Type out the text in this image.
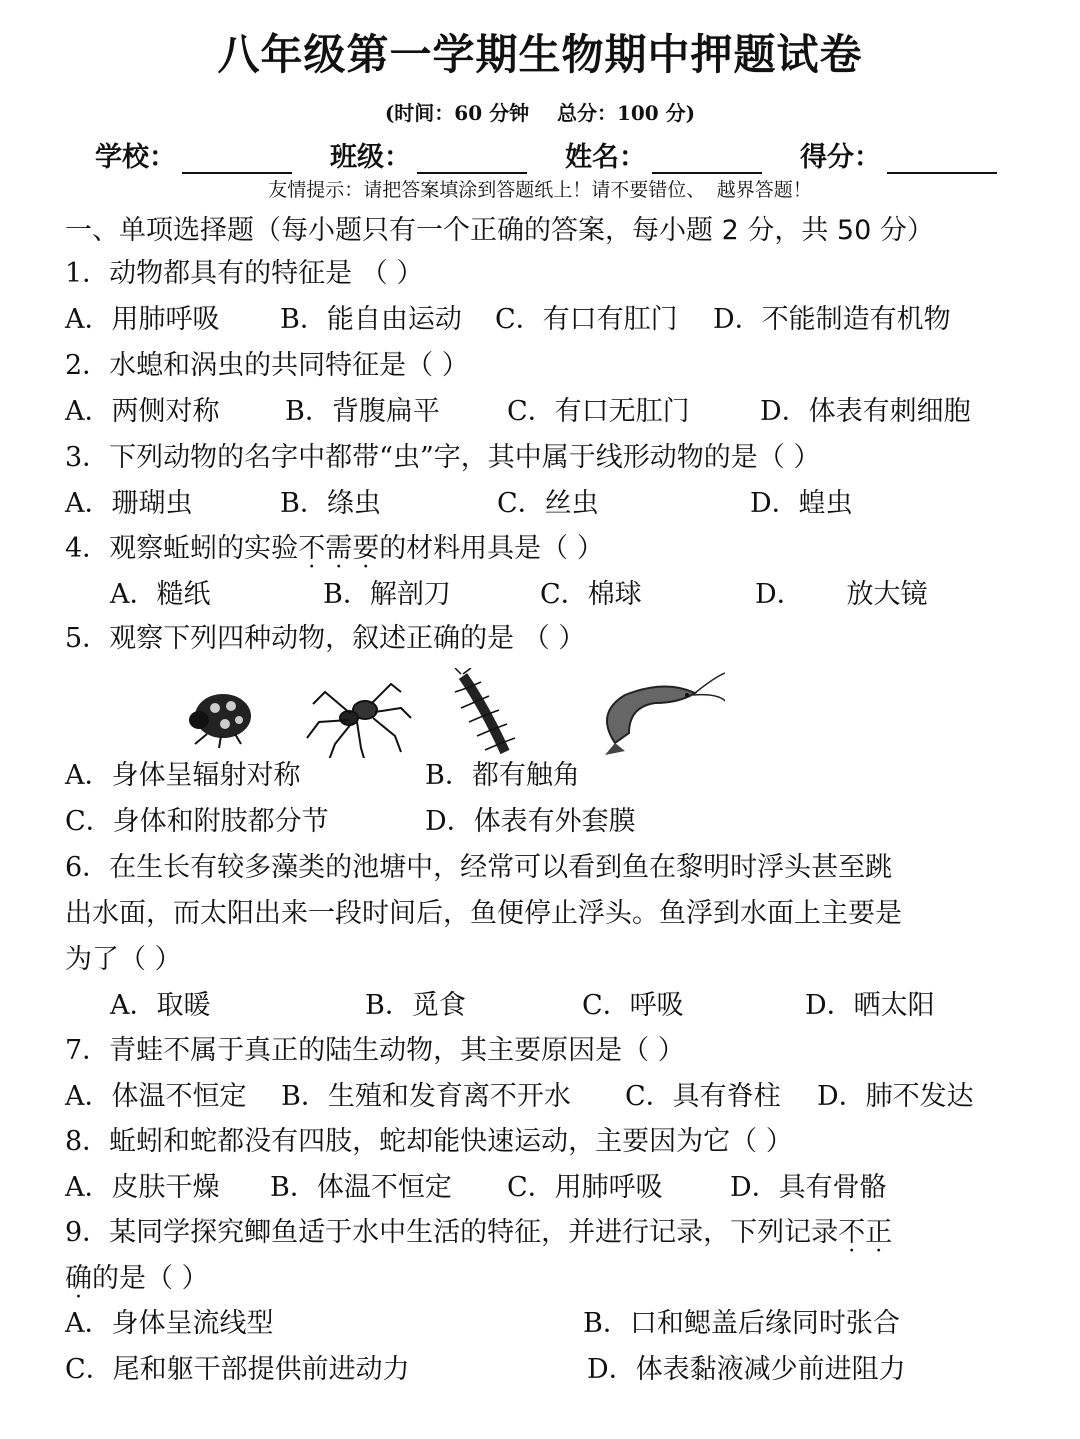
八年级第一学期生物期中押题试卷
(时间：60 分钟    总分：100 分)
学校：	班级：	姓名：	得分：
友情提示：请把答案填涂到答题纸上！请不要错位、 越界答题！
一、单项选择题（每小题只有一个正确的答案，每小题 2 分，共 50 分）
1．动物都具有的特征是 （ ）
A．用肺呼吸 B．能自由运动 C．有口有肛门 D．不能制造有机物
2．水螅和涡虫的共同特征是（ ）
A．两侧对称 B．背腹扁平 C．有口无肛门	D．体表有刺细胞
3．下列动物的名字中都带“虫”字，其中属于线形动物的是（ ）
A．珊瑚虫	B．绦虫	C．丝虫	D．蝗虫
4．观察蚯蚓的实验不需要的材料用具是（ ）
A．糙纸	B．解剖刀	C．棉球	D．     放大镜
5．观察下列四种动物，叙述正确的是 （ ）
A．身体呈辐射对称	B．都有触角
C．身体和附肢都分节	D．体表有外套膜
6．在生长有较多藻类的池塘中，经常可以看到鱼在黎明时浮头甚至跳
出水面，而太阳出来一段时间后，鱼便停止浮头。鱼浮到水面上主要是
为了（ ）
A．取暖	B．觅食	C．呼吸	D．晒太阳
7．青蛙不属于真正的陆生动物，其主要原因是（ ）
A．体温不恒定 B．生殖和发育离不开水 C．具有脊柱 D．肺不发达
8．蚯蚓和蛇都没有四肢，蛇却能快速运动，主要因为它（ ）
A．皮肤干燥 B．体温不恒定 C．用肺呼吸 D．具有骨骼
9．某同学探究鲫鱼适于水中生活的特征，并进行记录，下列记录不正
确的是（ ）
A．身体呈流线型	B．口和鳃盖后缘同时张合
C．尾和躯干部提供前进动力	D．体表黏液减少前进阻力
